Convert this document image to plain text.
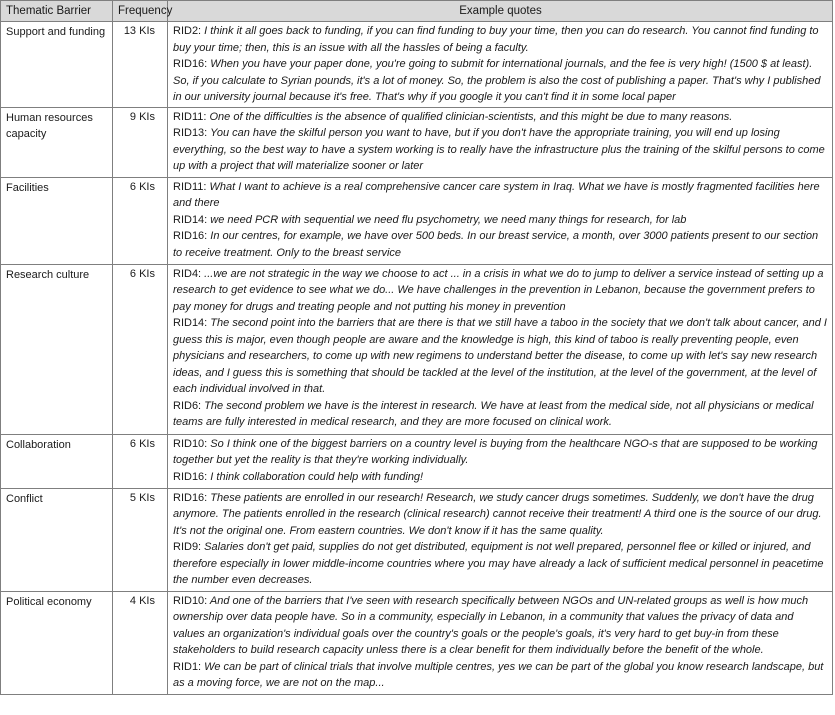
Thematic Barrier	Frequency	Example quotes
Support and funding	13 KIs	RID2: I think it all goes back to funding, if you can find funding to buy your time, then you can do research. You cannot find funding to buy your time; then, this is an issue with all the hassles of being a faculty.
RID16: When you have your paper done, you're going to submit for international journals, and the fee is very high! (1500 $ at least). So, if you calculate to Syrian pounds, it's a lot of money. So, the problem is also the cost of publishing a paper. That's why I published in our university journal because it's free. That's why if you google it you can't find it in some local paper

Human resources capacity	9 KIs	RID11: One of the difficulties is the absence of qualified clinician-scientists, and this might be due to many reasons.
RID13: You can have the skilful person you want to have, but if you don't have the appropriate training, you will end up losing everything, so the best way to have a system working is to really have the infrastructure plus the training of the skilful persons to come up with a project that will materialize sooner or later

Facilities	6 KIs	RID11: What I want to achieve is a real comprehensive cancer care system in Iraq. What we have is mostly fragmented facilities here and there
RID14: we need PCR with sequential we need flu psychometry, we need many things for research, for lab
RID16: In our centres, for example, we have over 500 beds. In our breast service, a month, over 3000 patients present to our section to receive treatment. Only to the breast service

Research culture	6 KIs	RID4: ...we are not strategic in the way we choose to act ... in a crisis in what we do to jump to deliver a service instead of setting up a research to get evidence to see what we do... We have challenges in the prevention in Lebanon, because the government prefers to pay money for drugs and treating people and not putting his money in prevention
RID14: The second point into the barriers that are there is that we still have a taboo in the society that we don't talk about cancer, and I guess this is major, even though people are aware and the knowledge is high, this kind of taboo is really preventing people, even physicians and researchers, to come up with new regimens to understand better the disease, to come up with let's say new research ideas, and I guess this is something that should be tackled at the level of the institution, at the level of the government, at the level of each individual involved in that.
RID6: The second problem we have is the interest in research. We have at least from the medical side, not all physicians or medical teams are fully interested in medical research, and they are more focused on clinical work.

Collaboration	6 KIs	RID10: So I think one of the biggest barriers on a country level is buying from the healthcare NGO-s that are supposed to be working together but yet the reality is that they're working individually.
RID16: I think collaboration could help with funding!

Conflict	5 KIs	RID16: These patients are enrolled in our research! Research, we study cancer drugs sometimes. Suddenly, we don't have the drug anymore. The patients enrolled in the research (clinical research) cannot receive their treatment! A third one is the source of our drug. It's not the original one. From eastern countries. We don't know if it has the same quality.
RID9: Salaries don't get paid, supplies do not get distributed, equipment is not well prepared, personnel flee or killed or injured, and therefore especially in lower middle-income countries where you may have already a lack of sufficient medical personnel in peacetime the number even decreases.

Political economy	4 KIs	RID10: And one of the barriers that I've seen with research specifically between NGOs and UN-related groups as well is how much ownership over data people have. So in a community, especially in Lebanon, in a community that values the privacy of data and values an organization's individual goals over the country's goals or the people's goals, it's very hard to get buy-in from these stakeholders to build research capacity unless there is a clear benefit for them individually before the benefit of the whole.
RID1: We can be part of clinical trials that involve multiple centres, yes we can be part of the global you know research landscape, but as a moving force, we are not on the map...
